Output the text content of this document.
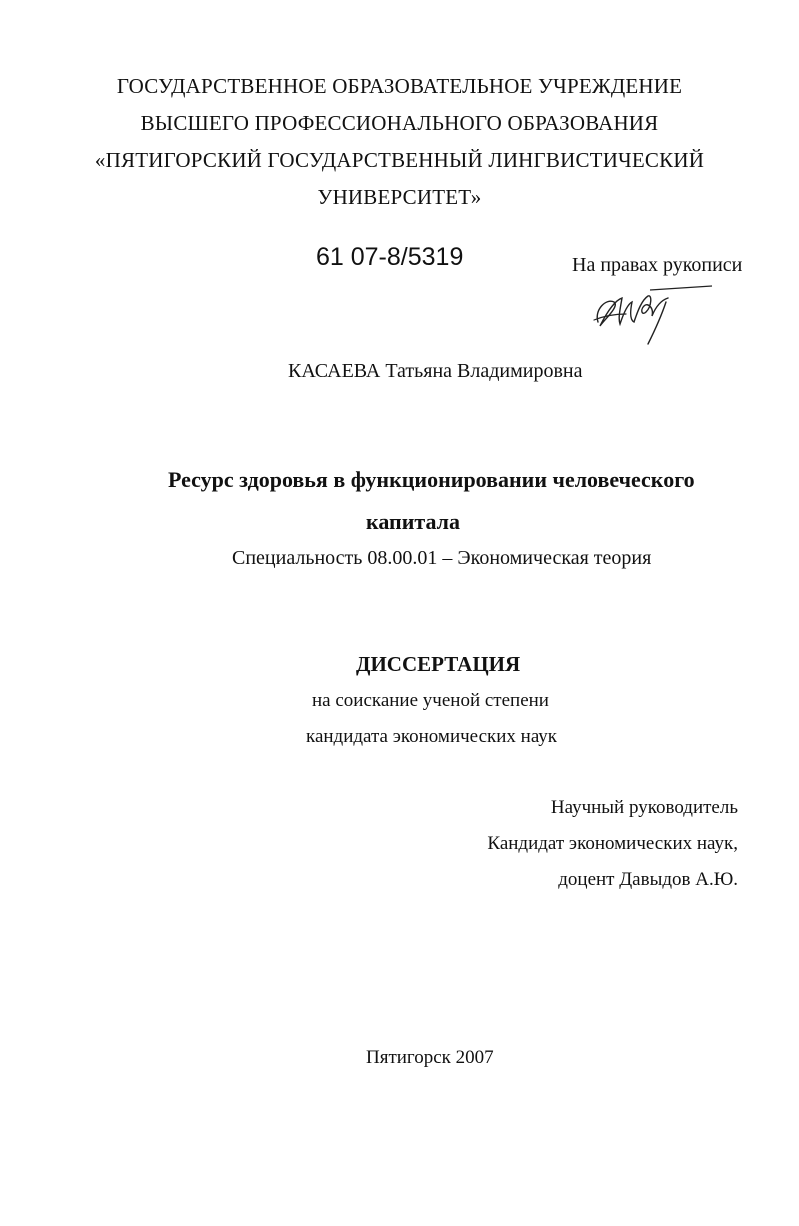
ГОСУДАРСТВЕННОЕ ОБРАЗОВАТЕЛЬНОЕ УЧРЕЖДЕНИЕ
ВЫСШЕГО ПРОФЕССИОНАЛЬНОГО ОБРАЗОВАНИЯ
«ПЯТИГОРСКИЙ ГОСУДАРСТВЕННЫЙ ЛИНГВИСТИЧЕСКИЙ
УНИВЕРСИТЕТ»
61 07-8/5319	На правах рукописи
КАСАЕВА Татьяна Владимировна
Ресурс здоровья в функционировании человеческого
капитала
Специальность 08.00.01 – Экономическая теория
ДИССЕРТАЦИЯ
на соискание ученой степени
кандидата экономических наук
Научный руководитель
Кандидат экономических наук,
доцент Давыдов А.Ю.
Пятигорск 2007
